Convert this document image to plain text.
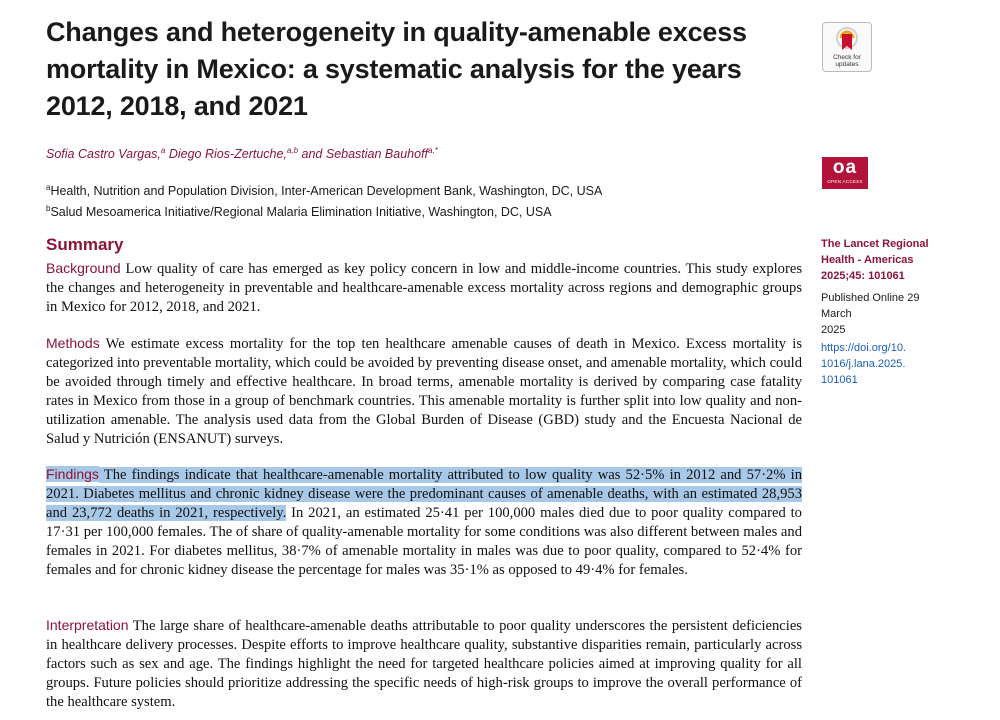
Changes and heterogeneity in quality-amenable excess mortality in Mexico: a systematic analysis for the years 2012, 2018, and 2021
Sofia Castro Vargas,$^a$ Diego Rios-Zertuche,$^{a,b}$ and Sebastian Bauhoff$^{a,*}$
$^a$Health, Nutrition and Population Division, Inter-American Development Bank, Washington, DC, USA
$^b$Salud Mesoamerica Initiative/Regional Malaria Elimination Initiative, Washington, DC, USA
Summary
Background Low quality of care has emerged as key policy concern in low and middle-income countries. This study explores the changes and heterogeneity in preventable and healthcare-amenable excess mortality across regions and demographic groups in Mexico for 2012, 2018, and 2021.
Methods We estimate excess mortality for the top ten healthcare amenable causes of death in Mexico. Excess mortality is categorized into preventable mortality, which could be avoided by preventing disease onset, and amenable mortality, which could be avoided through timely and effective healthcare. In broad terms, amenable mortality is derived by comparing case fatality rates in Mexico from those in a group of benchmark countries. This amenable mortality is further split into low quality and non-utilization amenable. The analysis used data from the Global Burden of Disease (GBD) study and the Encuesta Nacional de Salud y Nutrición (ENSANUT) surveys.
Findings The findings indicate that healthcare-amenable mortality attributed to low quality was 52·5% in 2012 and 57·2% in 2021. Diabetes mellitus and chronic kidney disease were the predominant causes of amenable deaths, with an estimated 28,953 and 23,772 deaths in 2021, respectively. In 2021, an estimated 25·41 per 100,000 males died due to poor quality compared to 17·31 per 100,000 females. The of share of quality-amenable mortality for some conditions was also different between males and females in 2021. For diabetes mellitus, 38·7% of amenable mortality in males was due to poor quality, compared to 52·4% for females and for chronic kidney disease the percentage for males was 35·1% as opposed to 49·4% for females.
Interpretation The large share of healthcare-amenable deaths attributable to poor quality underscores the persistent deficiencies in healthcare delivery processes. Despite efforts to improve healthcare quality, substantive disparities remain, particularly across factors such as sex and age. The findings highlight the need for targeted healthcare policies aimed at improving quality for all groups. Future policies should prioritize addressing the specific needs of high-risk groups to improve the overall performance of the healthcare system.
Check for updates
oa
OPEN ACCESS
The Lancet Regional
Health - Americas
2025;45: 101061
Published Online 29 March
2025
https://doi.org/10.
1016/j.lana.2025.
101061
